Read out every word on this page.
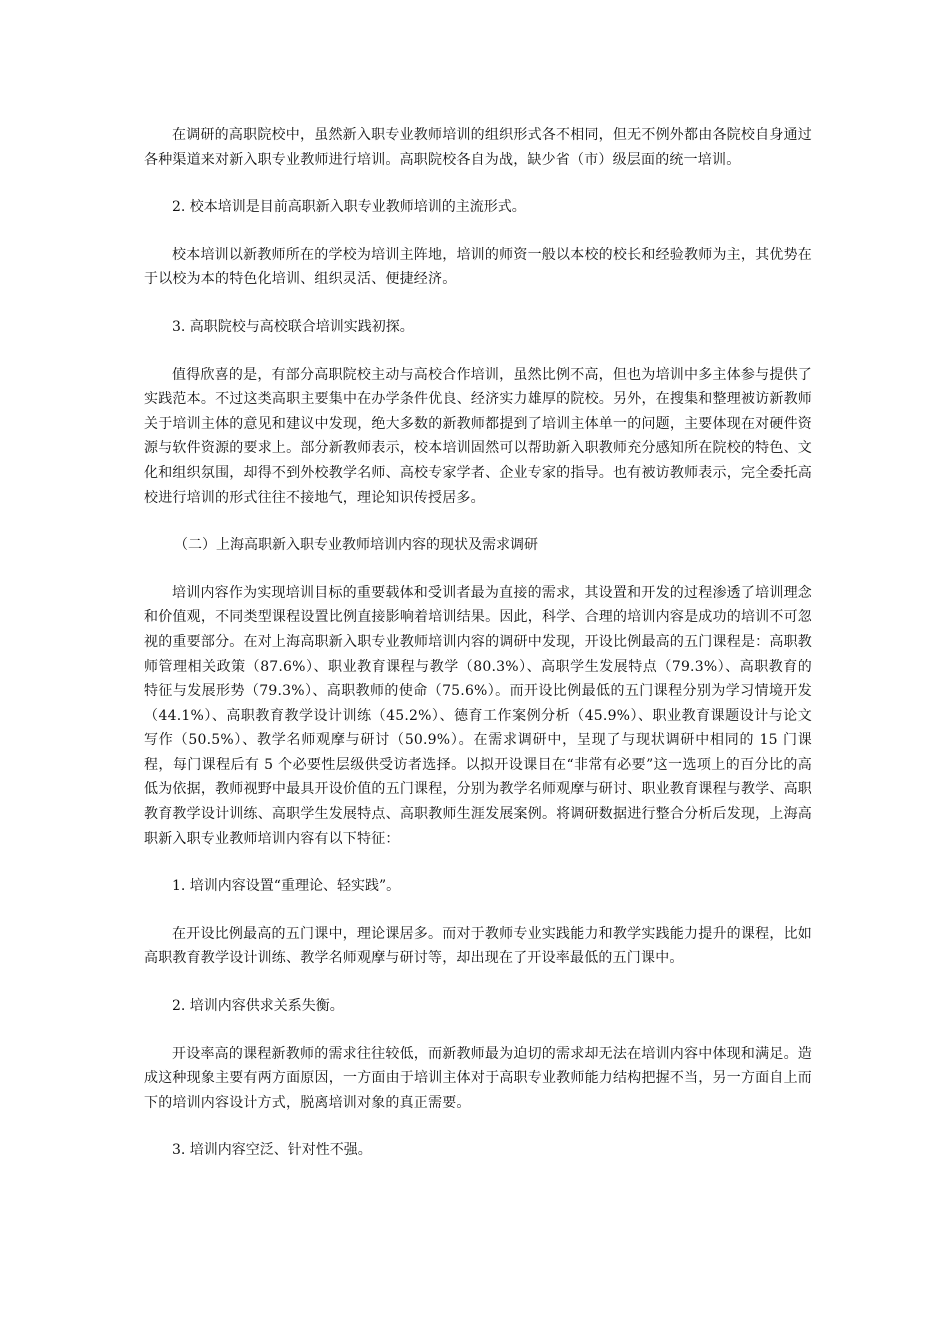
在调研的高职院校中，虽然新入职专业教师培训的组织形式各不相同，但无不例外都由各院校自身通过各种渠道来对新入职专业教师进行培训。高职院校各自为战，缺少省（市）级层面的统一培训。

2. 校本培训是目前高职新入职专业教师培训的主流形式。

校本培训以新教师所在的学校为培训主阵地，培训的师资一般以本校的校长和经验教师为主，其优势在于以校为本的特色化培训、组织灵活、便捷经济。

3. 高职院校与高校联合培训实践初探。

值得欣喜的是，有部分高职院校主动与高校合作培训，虽然比例不高，但也为培训中多主体参与提供了实践范本。不过这类高职主要集中在办学条件优良、经济实力雄厚的院校。另外，在搜集和整理被访新教师关于培训主体的意见和建议中发现，绝大多数的新教师都提到了培训主体单一的问题，主要体现在对硬件资源与软件资源的要求上。部分新教师表示，校本培训固然可以帮助新入职教师充分感知所在院校的特色、文化和组织氛围，却得不到外校教学名师、高校专家学者、企业专家的指导。也有被访教师表示，完全委托高校进行培训的形式往往不接地气，理论知识传授居多。

（二）上海高职新入职专业教师培训内容的现状及需求调研

培训内容作为实现培训目标的重要载体和受训者最为直接的需求，其设置和开发的过程渗透了培训理念和价值观，不同类型课程设置比例直接影响着培训结果。因此，科学、合理的培训内容是成功的培训不可忽视的重要部分。在对上海高职新入职专业教师培训内容的调研中发现，开设比例最高的五门课程是：高职教师管理相关政策（87.6%）、职业教育课程与教学（80.3%）、高职学生发展特点（79.3%）、高职教育的特征与发展形势（79.3%）、高职教师的使命（75.6%）。而开设比例最低的五门课程分别为学习情境开发（44.1%）、高职教育教学设计训练（45.2%）、德育工作案例分析（45.9%）、职业教育课题设计与论文写作（50.5%）、教学名师观摩与研讨（50.9%）。在需求调研中，呈现了与现状调研中相同的 15 门课程，每门课程后有 5 个必要性层级供受访者选择。以拟开设课目在“非常有必要”这一选项上的百分比的高低为依据，教师视野中最具开设价值的五门课程，分别为教学名师观摩与研讨、职业教育课程与教学、高职教育教学设计训练、高职学生发展特点、高职教师生涯发展案例。将调研数据进行整合分析后发现，上海高职新入职专业教师培训内容有以下特征：

1. 培训内容设置“重理论、轻实践”。

在开设比例最高的五门课中，理论课居多。而对于教师专业实践能力和教学实践能力提升的课程，比如高职教育教学设计训练、教学名师观摩与研讨等，却出现在了开设率最低的五门课中。

2. 培训内容供求关系失衡。

开设率高的课程新教师的需求往往较低，而新教师最为迫切的需求却无法在培训内容中体现和满足。造成这种现象主要有两方面原因，一方面由于培训主体对于高职专业教师能力结构把握不当，另一方面自上而下的培训内容设计方式，脱离培训对象的真正需要。

3. 培训内容空泛、针对性不强。
